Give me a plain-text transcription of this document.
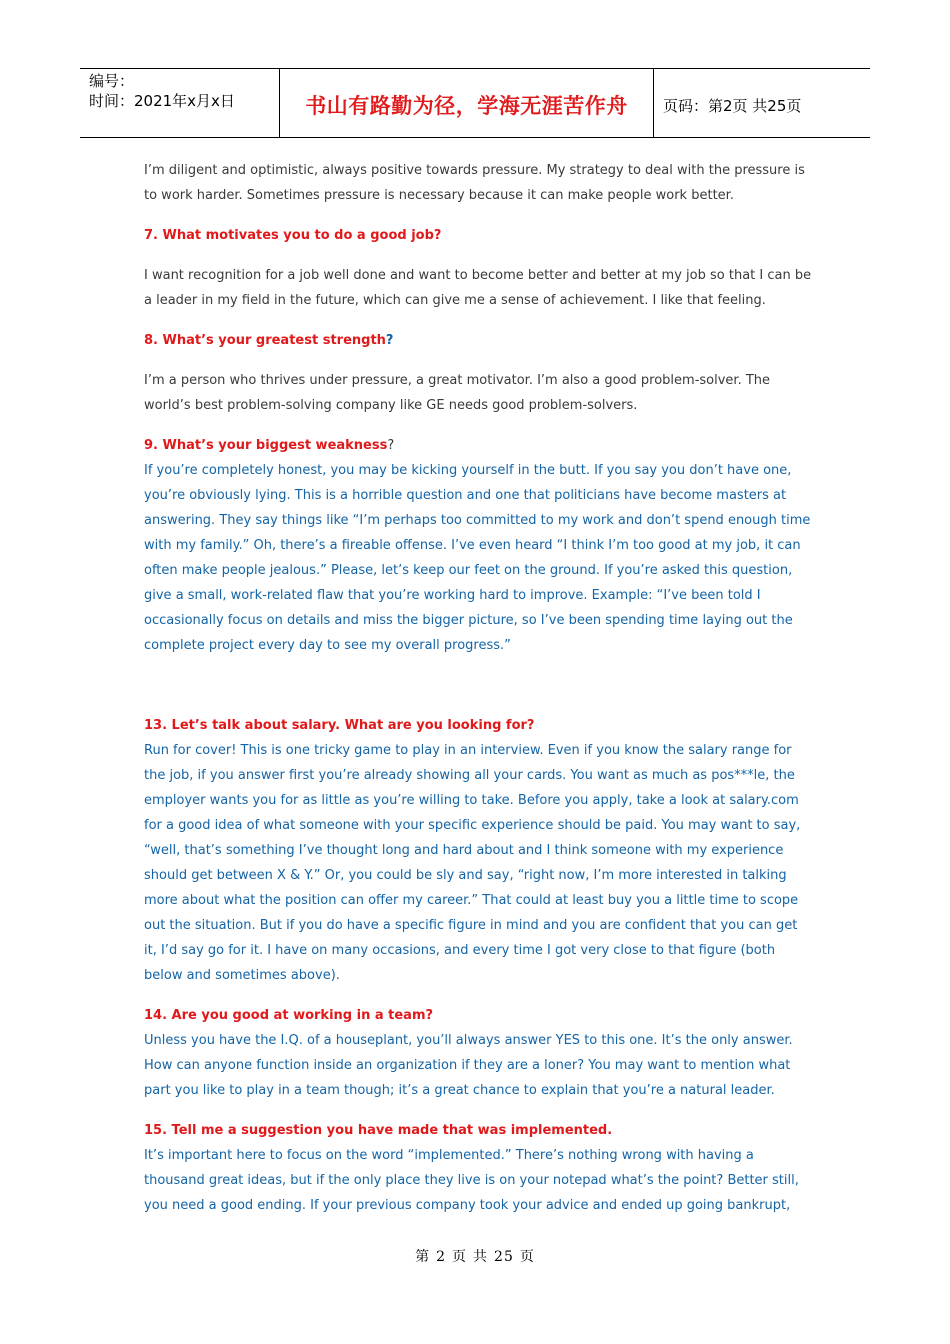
编号：
时间：2021年x月x日	书山有路勤为径，学海无涯苦作舟 页码：第2页 共25页

I’m diligent and optimistic, always positive towards pressure. My strategy to deal with the pressure is to work harder. Sometimes pressure is necessary because it can make people work better.

7. What motivates you to do a good job?

I want recognition for a job well done and want to become better and better at my job so that I can be a leader in my field in the future, which can give me a sense of achievement. I like that feeling.

8. What’s your greatest strength?

I’m a person who thrives under pressure, a great motivator. I’m also a good problem-solver. The world’s best problem-solving company like GE needs good problem-solvers.

9. What’s your biggest weakness?

If you’re completely honest, you may be kicking yourself in the butt. If you say you don’t have one, you’re obviously lying. This is a horrible question and one that politicians have become masters at answering. They say things like “I’m perhaps too committed to my work and don’t spend enough time with my family.” Oh, there’s a fireable offense. I’ve even heard “I think I’m too good at my job, it can often make people jealous.” Please, let’s keep our feet on the ground. If you’re asked this question, give a small, work-related flaw that you’re working hard to improve. Example: “I’ve been told I occasionally focus on details and miss the bigger picture, so I’ve been spending time laying out the complete project every day to see my overall progress.”

13. Let’s talk about salary. What are you looking for?

Run for cover! This is one tricky game to play in an interview. Even if you know the salary range for the job, if you answer first you’re already showing all your cards. You want as much as pos***le, the employer wants you for as little as you’re willing to take. Before you apply, take a look at salary.com for a good idea of what someone with your specific experience should be paid. You may want to say, “well, that’s something I’ve thought long and hard about and I think someone with my experience should get between X & Y.” Or, you could be sly and say, “right now, I’m more interested in talking more about what the position can offer my career.” That could at least buy you a little time to scope out the situation. But if you do have a specific figure in mind and you are confident that you can get it, I’d say go for it. I have on many occasions, and every time I got very close to that figure (both below and sometimes above).

14. Are you good at working in a team?

Unless you have the I.Q. of a houseplant, you’ll always answer YES to this one. It’s the only answer. How can anyone function inside an organization if they are a loner? You may want to mention what part you like to play in a team though; it’s a great chance to explain that you’re a natural leader.

15. Tell me a suggestion you have made that was implemented.

It’s important here to focus on the word “implemented.” There’s nothing wrong with having a thousand great ideas, but if the only place they live is on your notepad what’s the point? Better still, you need a good ending. If your previous company took your advice and ended up going bankrupt,

第 2 页 共 25 页
